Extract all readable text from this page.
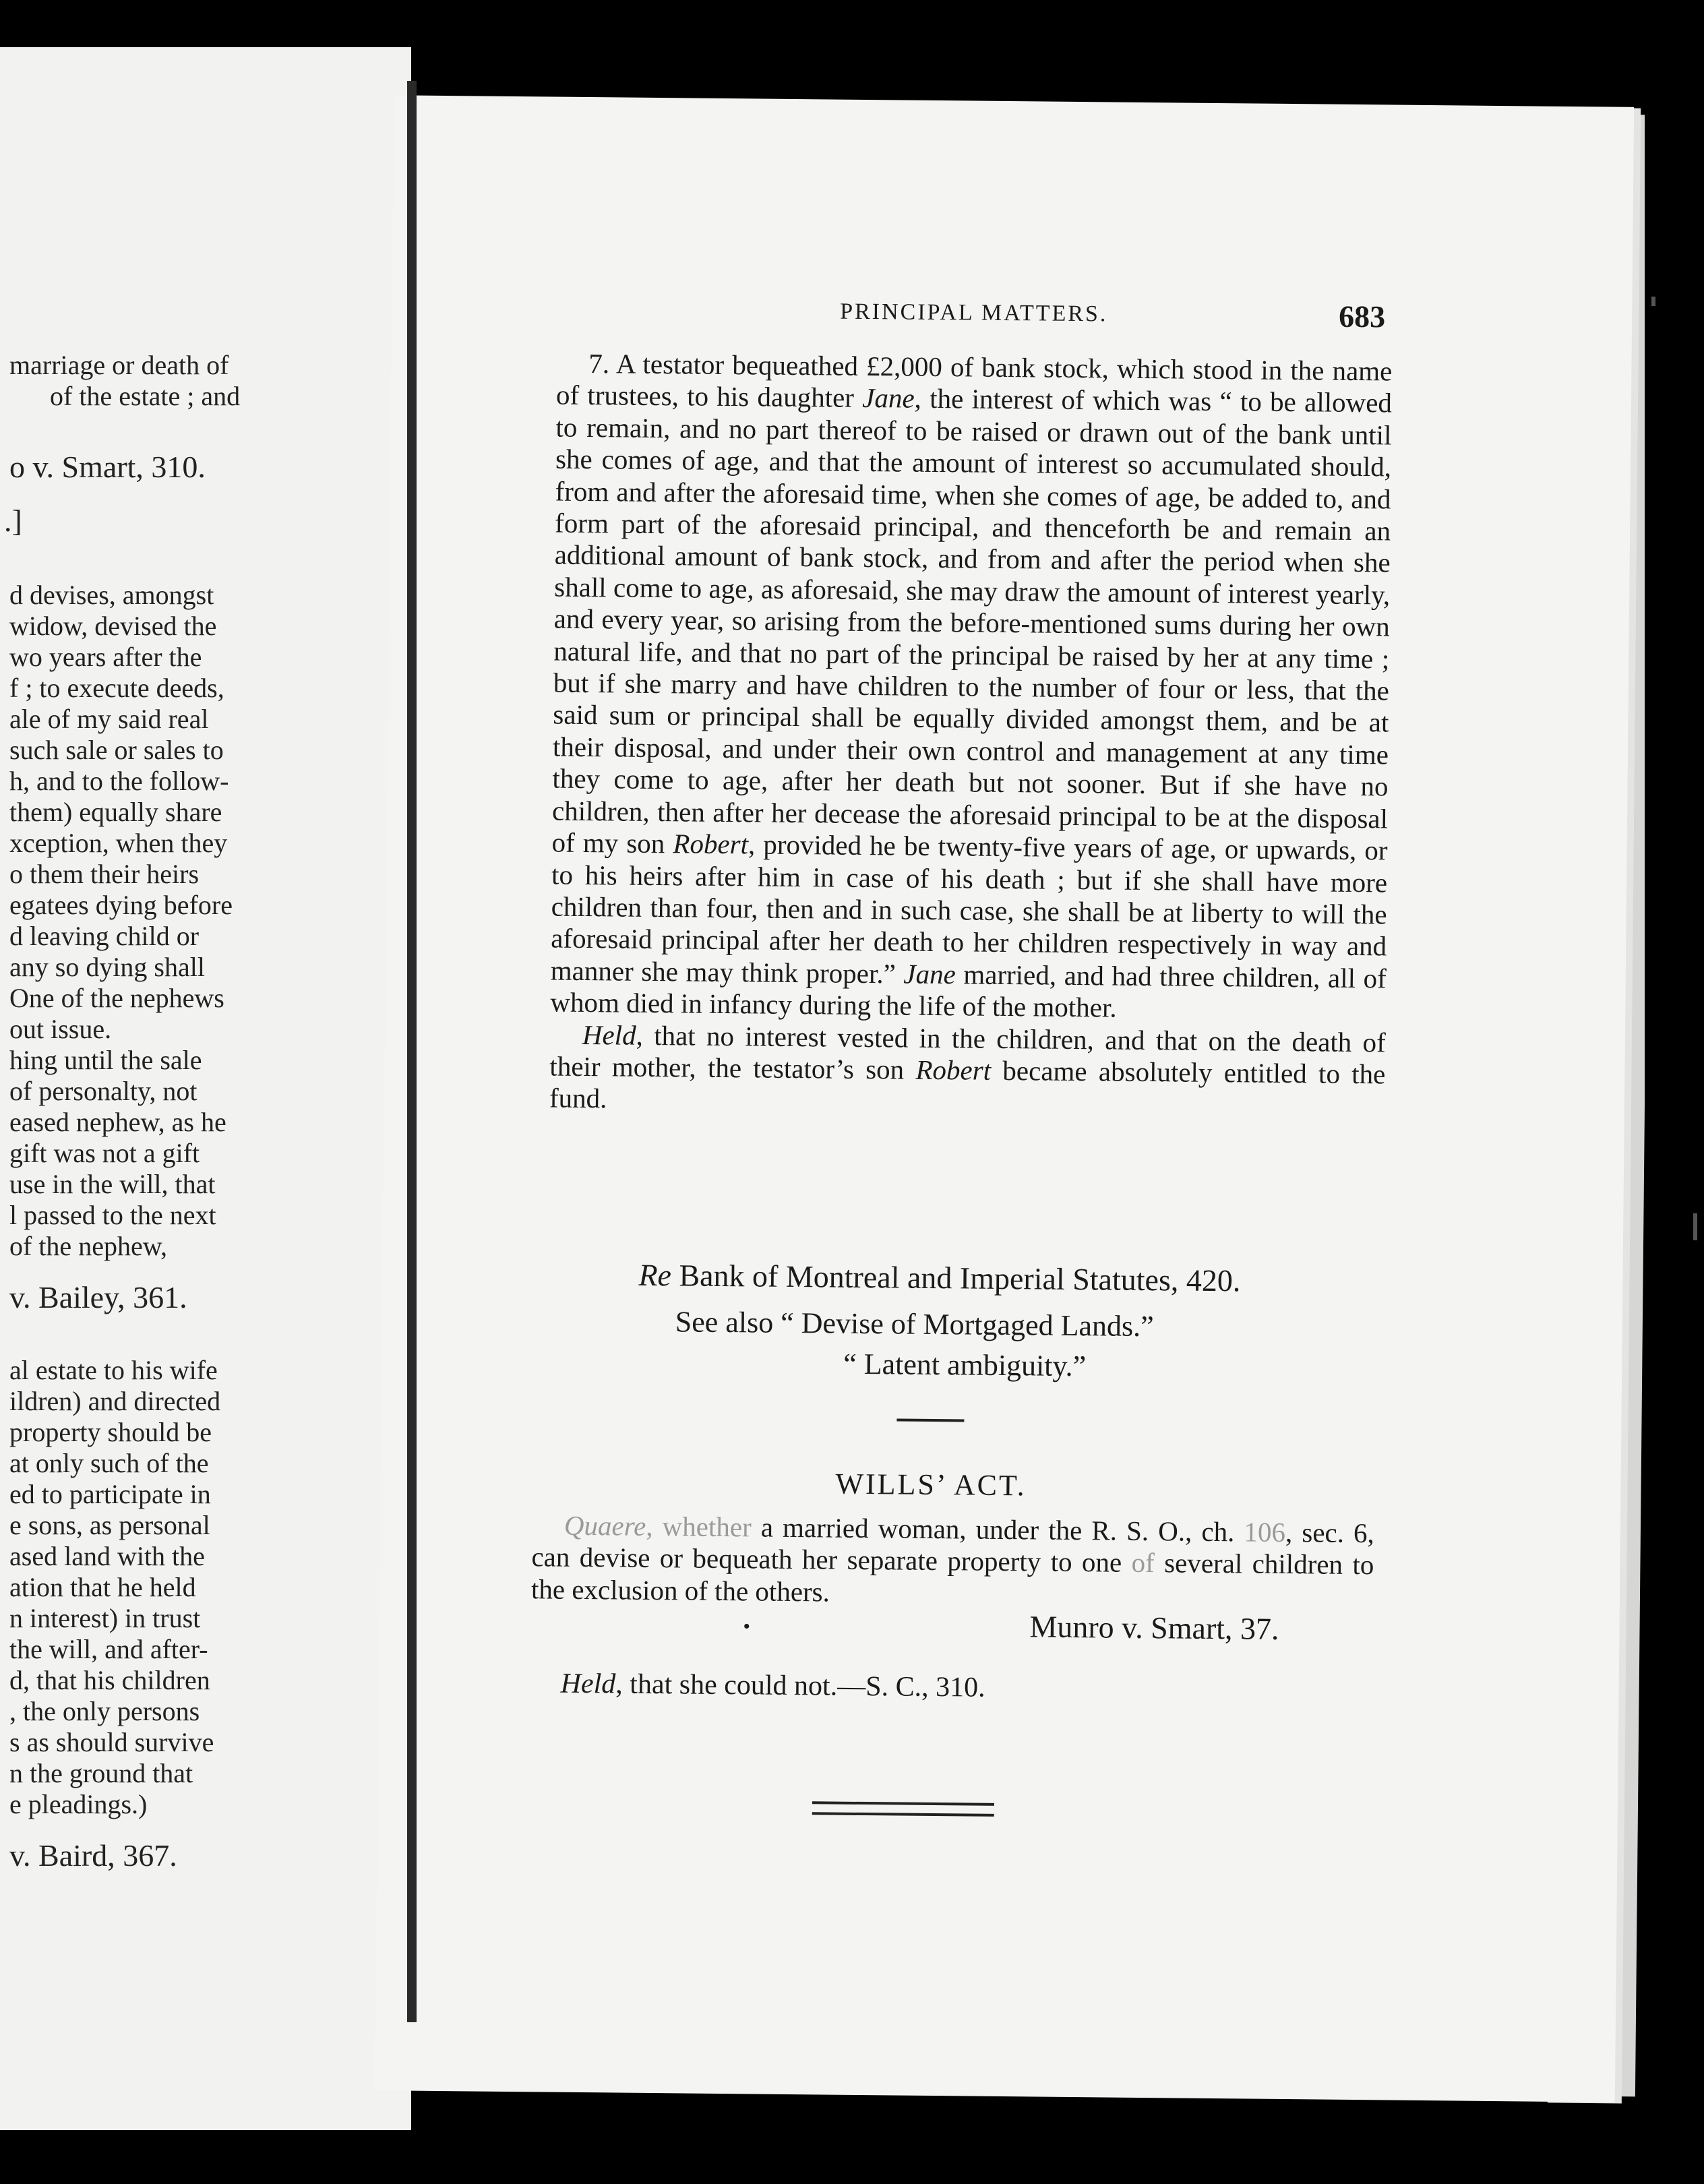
marriage or death of
of the estate ; and
o v. Smart, 310.
.]
d devises, amongst
widow, devised the
wo years after the
f ; to execute deeds,
ale of my said real
such sale or sales to
h, and to the follow-
them) equally share
xception, when they
o them their heirs
egatees dying before
d leaving child or
any so dying shall
One of the nephews
out issue.
hing until the sale
of personalty, not
eased nephew, as he
gift was not a gift
use in the will, that
l passed to the next
of the nephew,
v. Bailey, 361.
al estate to his wife
ildren) and directed
property should be
at only such of the
ed to participate in
e sons, as personal
ased land with the
ation that he held
n interest) in trust
the will, and after-
d, that his children
, the only persons
s as should survive
n the ground that
e pleadings.)
v. Baird, 367.
PRINCIPAL MATTERS.	683

7. A testator bequeathed £2,000 of bank stock, which stood in the name of trustees, to his daughter Jane, the interest of which was “ to be allowed to remain, and no part thereof to be raised or drawn out of the bank until she comes of age, and that the amount of interest so accumulated should, from and after the aforesaid time, when she comes of age, be added to, and form part of the aforesaid principal, and thenceforth be and remain an additional amount of bank stock, and from and after the period when she shall come to age, as aforesaid, she may draw the amount of interest yearly, and every year, so arising from the before-mentioned sums during her own natural life, and that no part of the principal be raised by her at any time ; but if she marry and have children to the number of four or less, that the said sum or principal shall be equally divided amongst them, and be at their disposal, and under their own control and management at any time they come to age, after her death but not sooner. But if she have no children, then after her decease the aforesaid principal to be at the disposal of my son Robert, provided he be twenty-five years of age, or upwards, or to his heirs after him in case of his death ; but if she shall have more children than four, then and in such case, she shall be at liberty to will the aforesaid principal after her death to her children respectively in way and manner she may think proper.” Jane married, and had three children, all of whom died in infancy during the life of the mother.

Held, that no interest vested in the children, and that on the death of their mother, the testator’s son Robert became absolutely entitled to the fund.

Re Bank of Montreal and Imperial Statutes, 420.
See also “ Devise of Mortgaged Lands.”
“ Latent ambiguity.”
WILLS’ ACT.

Quaere, whether a married woman, under the R. S. O., ch. 106, sec. 6, can devise or bequeath her separate property to one of several children to the exclusion of the others.

•	Munro v. Smart, 37.
Held, that she could not.—S. C., 310.
